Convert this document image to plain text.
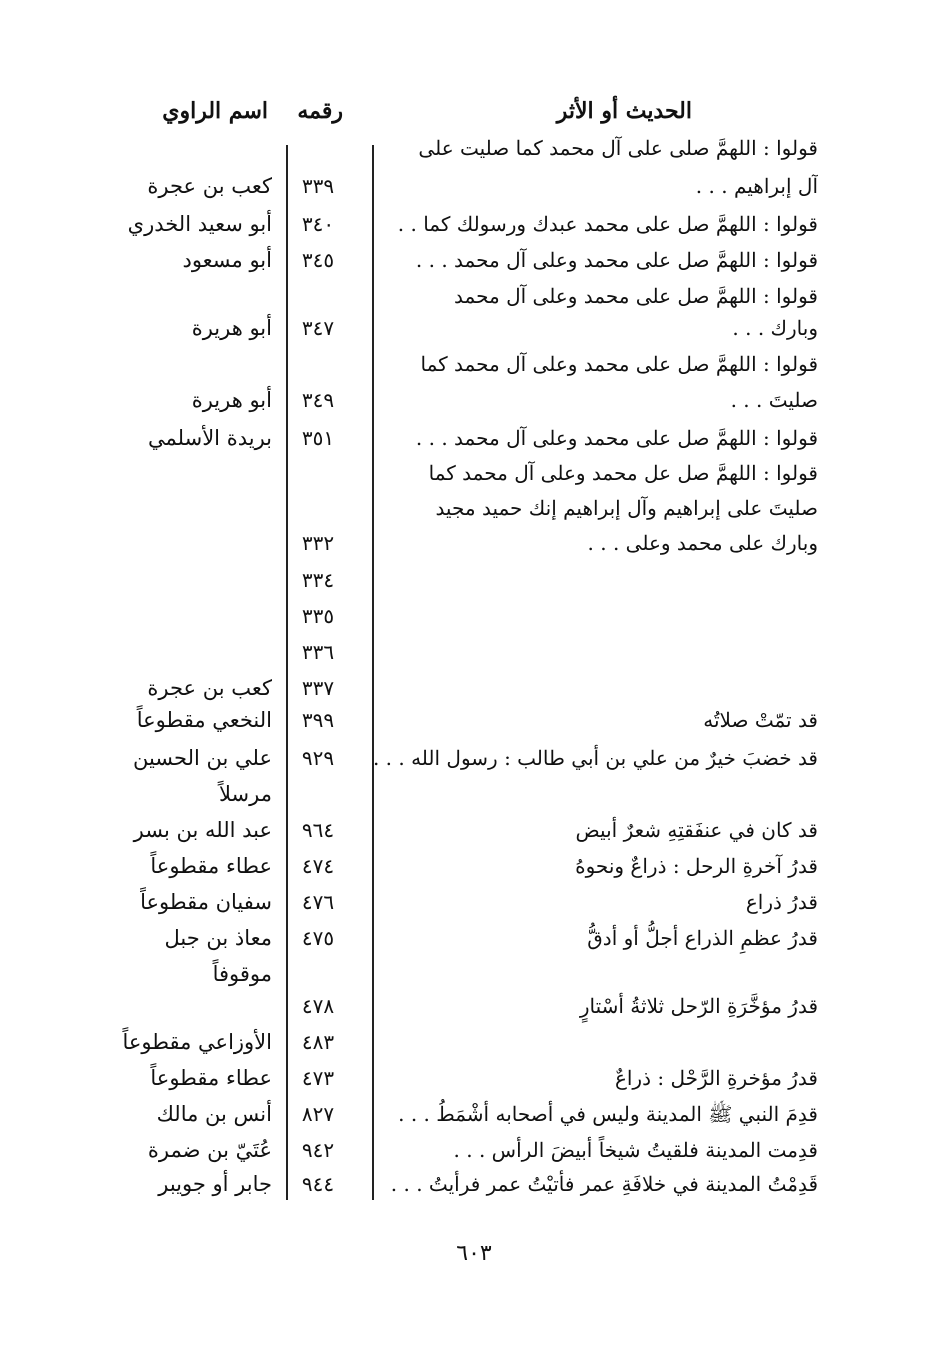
الحديث أو الأثر
رقمه
اسم الراوي
قولوا : اللهمَّ صلى على آل محمد كما صليت على
آل إبراهيم . . .
٣٣٩
كعب بن عجرة
قولوا : اللهمَّ صل على محمد عبدك ورسولك كما . .
٣٤٠
أبو سعيد الخدري
قولوا : اللهمَّ صل على محمد وعلى آل محمد . . .
٣٤٥
أبو مسعود
قولوا : اللهمَّ صل على محمد وعلى آل محمد
وبارك . . .
٣٤٧
أبو هريرة
قولوا : اللهمَّ صل على محمد وعلى آل محمد كما
صليتَ . . .
٣٤٩
أبو هريرة
قولوا : اللهمَّ صل على محمد وعلى آل محمد . . .
٣٥١
بريدة الأسلمي
قولوا : اللهمَّ صل عل محمد وعلى آل محمد كما
صليتَ على إبراهيم وآل إبراهيم إنك حميد مجيد
وبارك على محمد وعلى . . .
٣٣٢
٣٣٤
٣٣٥
٣٣٦
٣٣٧
كعب بن عجرة
قد تمّتْ صلاتُه
٣٩٩
النخعي مقطوعاً
قد خضبَ خيرٌ من علي بن أبي طالب : رسول الله . . .
٩٢٩
علي بن الحسين
مرسلاً
قد كان في عنفَقتِهِ شعرٌ أبيض
٩٦٤
عبد الله بن بسر
قدرُ آخرةِ الرحل : ذراعٌ ونحوهُ
٤٧٤
عطاء مقطوعاً
قدرُ ذراع
٤٧٦
سفيان مقطوعاً
قدرُ عظمِ الذراع أجلُّ أو أدقُّ
٤٧٥
معاذ بن جبل
موقوفاً
قدرُ مؤخَّرَةِ الرّحل ثلاثةُ أسْتارٍ
٤٧٨
٤٨٣
الأوزاعي مقطوعاً
قدرُ مؤخرةِ الرَّحْل : ذراعٌ
٤٧٣
عطاء مقطوعاً
قدِمَ النبي ﷺ المدينة وليس في أصحابه أشْمَطُ . . .
٨٢٧
أنس بن مالك
قدِمت المدينة فلقيتُ شيخاً أبيضَ الرأس . . .
٩٤٢
عُتَيّ بن ضمرة
قَدِمْتُ المدينة في خلافَةِ عمر فأتيْتُ عمر فرأيتُ . . .
٩٤٤
جابر أو جويبر
٦٠٣
